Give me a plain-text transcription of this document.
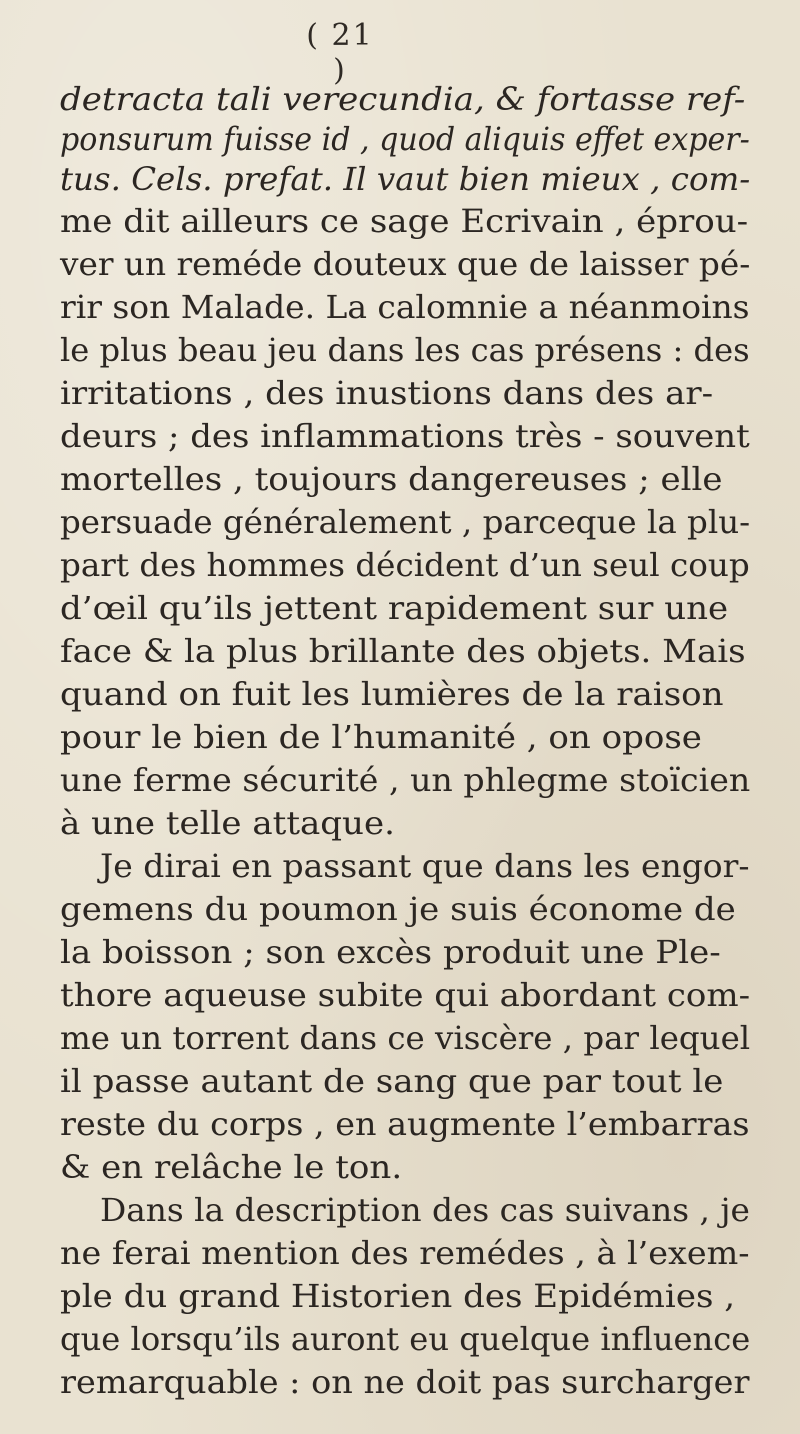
( 21 )
detracta tali verecundia, & fortasse ref-
ponsurum fuisse id , quod aliquis effet exper-
tus. Cels. prefat. Il vaut bien mieux , com-
me dit ailleurs ce sage Ecrivain , éprou-
ver un reméde douteux que de laisser pé-
rir son Malade. La calomnie a néanmoins
le plus beau jeu dans les cas présens : des
irritations , des inustions dans des ar-
deurs ; des inflammations très - souvent
mortelles , toujours dangereuses ; elle
persuade généralement , parceque la plu-
part des hommes décident d’un seul coup
d’œil qu’ils jettent rapidement sur une
face & la plus brillante des objets. Mais
quand on fuit les lumières de la raison
pour le bien de l’humanité , on opose
une ferme sécurité , un phlegme stoïcien
à une telle attaque.
Je dirai en passant que dans les engor-
gemens du poumon je suis économe de
la boisson ; son excès produit une Ple-
thore aqueuse subite qui abordant com-
me un torrent dans ce viscère , par lequel
il passe autant de sang que par tout le
reste du corps , en augmente l’embarras
& en relâche le ton.
Dans la description des cas suivans , je
ne ferai mention des remédes , à l’exem-
ple du grand Historien des Epidémies ,
que lorsqu’ils auront eu quelque influence
remarquable : on ne doit pas surcharger
